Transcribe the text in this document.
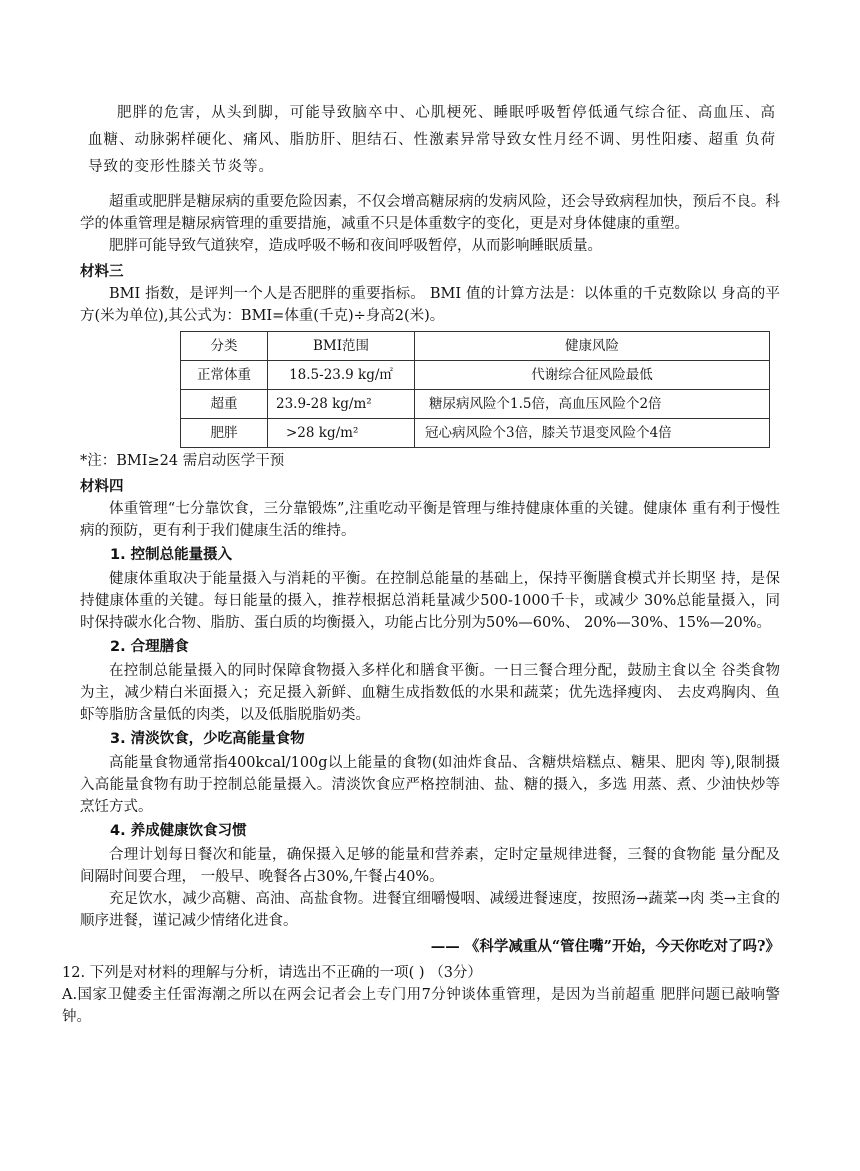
肥胖的危害，从头到脚，可能导致脑卒中、心肌梗死、睡眠呼吸暂停低通气综合征、高血压、高血糖、动脉粥样硬化、痛风、脂肪肝、胆结石、性激素异常导致女性月经不调、男性阳痿、超重 负荷导致的变形性膝关节炎等。

超重或肥胖是糖尿病的重要危险因素，不仅会增高糖尿病的发病风险，还会导致病程加快，预后不良。科学的体重管理是糖尿病管理的重要措施，减重不只是体重数字的变化，更是对身体健康的重塑。

肥胖可能导致气道狭窄，造成呼吸不畅和夜间呼吸暂停，从而影响睡眠质量。

材料三

BMI 指数，是评判一个人是否肥胖的重要指标。 BMI 值的计算方法是：以体重的千克数除以 身高的平方(米为单位),其公式为：BMI=体重(千克)÷身高2(米)。

分类	BMI范围	健康风险
正常体重	18.5-23.9 kg/㎡	代谢综合征风险最低
超重	23.9-28 kg/m²	糖尿病风险个1.5倍，高血压风险个2倍
肥胖	>28 kg/m²	冠心病风险个3倍，膝关节退变风险个4倍

*注：BMI≥24 需启动医学干预

材料四

体重管理“七分靠饮食，三分靠锻炼”,注重吃动平衡是管理与维持健康体重的关键。健康体 重有利于慢性病的预防，更有利于我们健康生活的维持。

1. 控制总能量摄入

健康体重取决于能量摄入与消耗的平衡。在控制总能量的基础上，保持平衡膳食模式并长期坚 持，是保持健康体重的关键。每日能量的摄入，推荐根据总消耗量减少500-1000千卡，或减少 30%总能量摄入，同时保持碳水化合物、脂肪、蛋白质的均衡摄入，功能占比分别为50%—60%、 20%—30%、15%—20%。

2. 合理膳食

在控制总能量摄入的同时保障食物摄入多样化和膳食平衡。一日三餐合理分配，鼓励主食以全 谷类食物为主，减少精白米面摄入；充足摄入新鲜、血糖生成指数低的水果和蔬菜；优先选择瘦肉、 去皮鸡胸肉、鱼虾等脂肪含量低的肉类，以及低脂脱脂奶类。

3. 清淡饮食，少吃高能量食物

高能量食物通常指400kcal/100g以上能量的食物(如油炸食品、含糖烘焙糕点、糖果、肥肉 等),限制摄入高能量食物有助于控制总能量摄入。清淡饮食应严格控制油、盐、糖的摄入，多选 用蒸、煮、少油快炒等烹饪方式。

4. 养成健康饮食习惯

合理计划每日餐次和能量，确保摄入足够的能量和营养素，定时定量规律进餐，三餐的食物能 量分配及间隔时间要合理， 一般早、晚餐各占30%,午餐占40%。

充足饮水，减少高糖、高油、高盐食物。进餐宜细嚼慢咽、减缓进餐速度，按照汤→蔬菜→肉 类→主食的顺序进餐，谨记减少情绪化进食。

—— 《科学减重从“管住嘴”开始，今天你吃对了吗?》

12. 下列是对材料的理解与分析，请选出不正确的一项( ) （3分）

A.国家卫健委主任雷海潮之所以在两会记者会上专门用7分钟谈体重管理，是因为当前超重 肥胖问题已敲响警钟。
